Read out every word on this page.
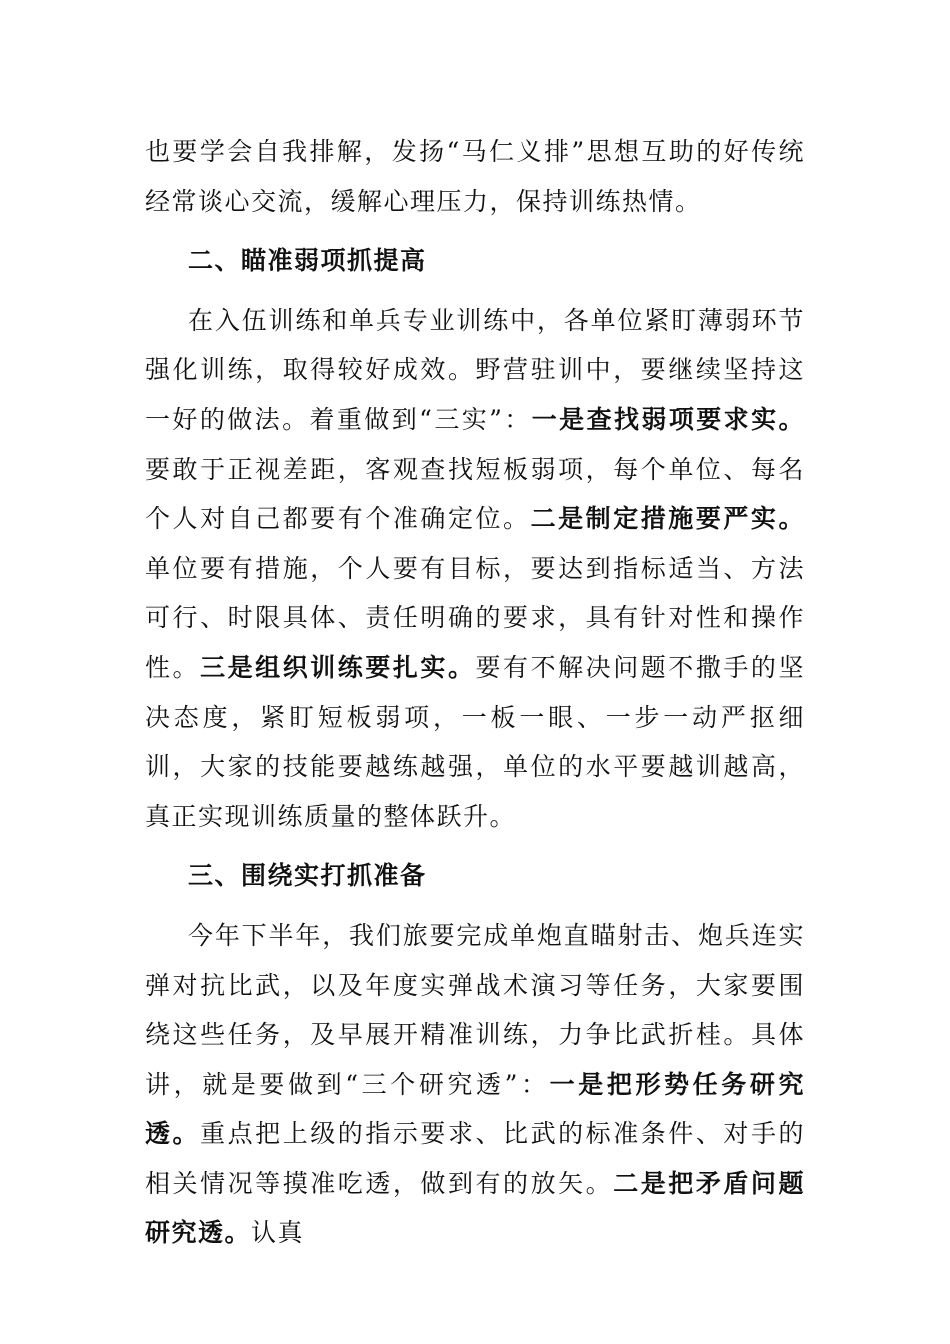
也要学会自我排解，发扬“马仁义排”思想互助的好传统经常谈心交流，缓解心理压力，保持训练热情。

二、瞄准弱项抓提高

在入伍训练和单兵专业训练中，各单位紧盯薄弱环节强化训练，取得较好成效。野营驻训中，要继续坚持这一好的做法。着重做到“三实”：一是查找弱项要求实。要敢于正视差距，客观查找短板弱项，每个单位、每名个人对自己都要有个准确定位。二是制定措施要严实。单位要有措施，个人要有目标，要达到指标适当、方法可行、时限具体、责任明确的要求，具有针对性和操作性。三是组织训练要扎实。要有不解决问题不撒手的坚决态度，紧盯短板弱项，一板一眼、一步一动严抠细训，大家的技能要越练越强，单位的水平要越训越高，真正实现训练质量的整体跃升。

三、围绕实打抓准备

今年下半年，我们旅要完成单炮直瞄射击、炮兵连实弹对抗比武，以及年度实弹战术演习等任务，大家要围绕这些任务，及早展开精准训练，力争比武折桂。具体讲，就是要做到“三个研究透”：一是把形势任务研究透。重点把上级的指示要求、比武的标准条件、对手的相关情况等摸准吃透，做到有的放矢。二是把矛盾问题研究透。认真
